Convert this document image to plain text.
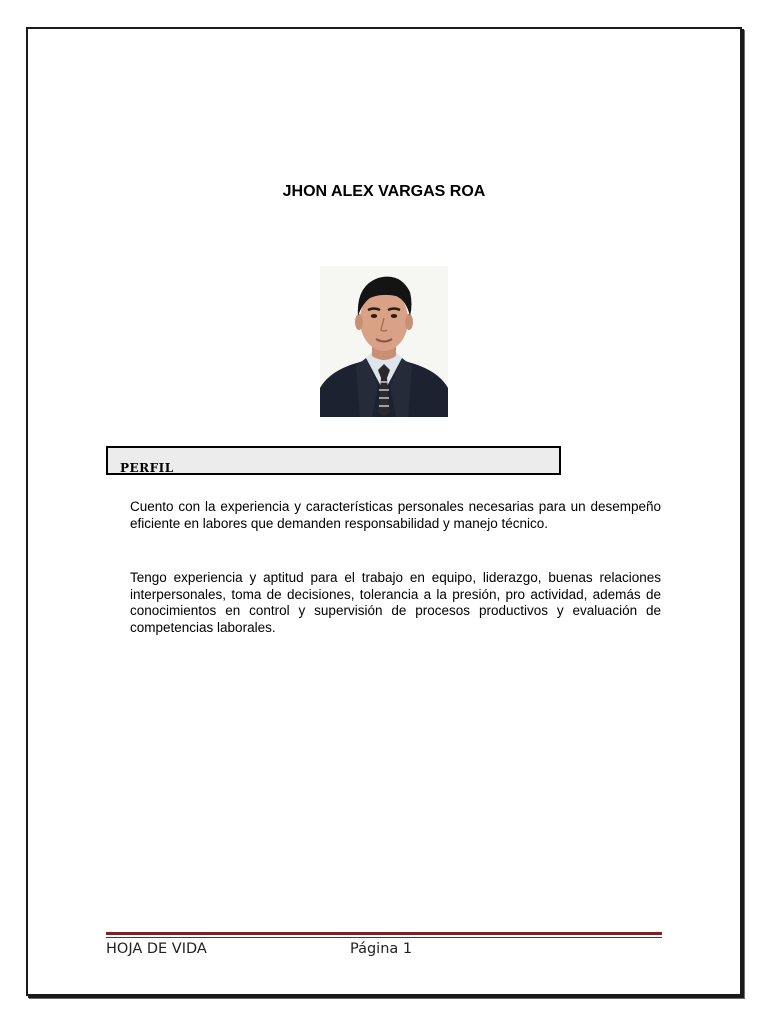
JHON ALEX VARGAS ROA
PERFIL

Cuento con la experiencia y características personales necesarias para un desempeño eficiente en labores que demanden responsabilidad y manejo técnico.

Tengo experiencia y aptitud para el trabajo en equipo, liderazgo, buenas relaciones interpersonales, toma de decisiones, tolerancia a la presión, pro actividad, además de conocimientos en control y supervisión de procesos productivos y evaluación de competencias laborales.

HOJA DE VIDA	Página 1
